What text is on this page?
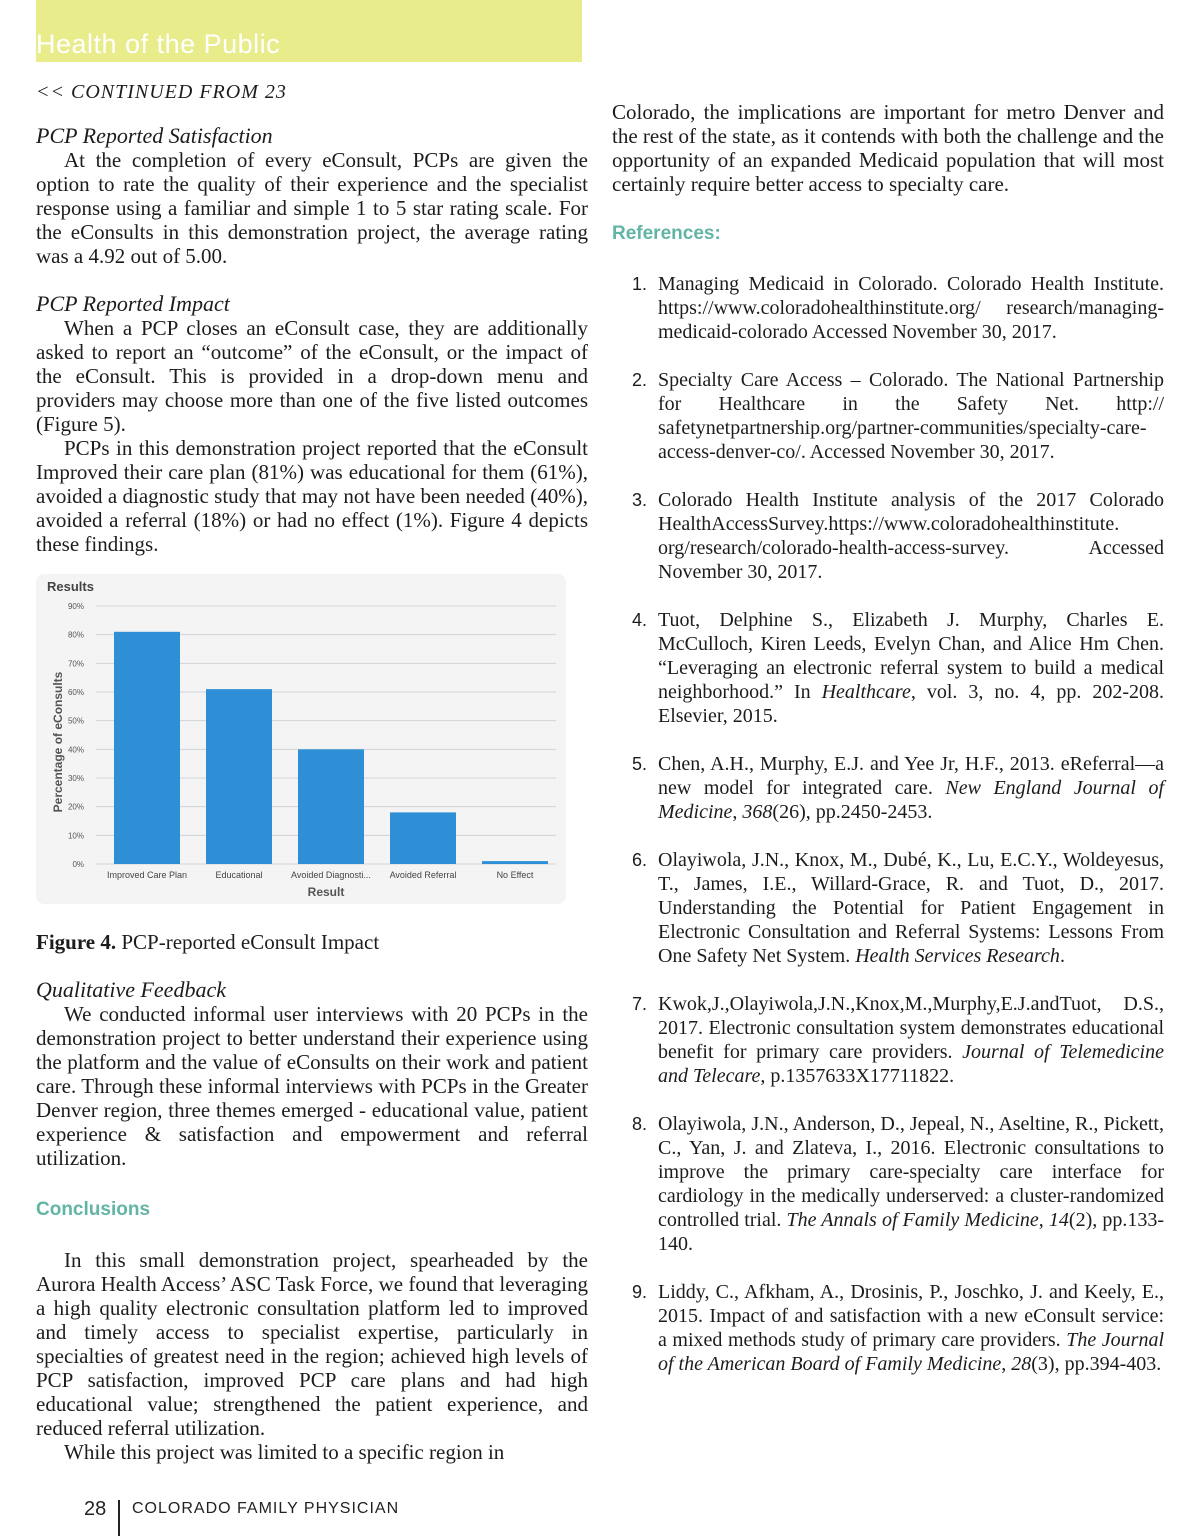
Health of the Public

<< CONTINUED FROM 23

PCP Reported Satisfaction

At the completion of every eConsult, PCPs are given the option to rate the quality of their experience and the specialist response using a familiar and simple 1 to 5 star rating scale. For the eConsults in this demonstration project, the average rating was a 4.92 out of 5.00.

PCP Reported Impact

When a PCP closes an eConsult case, they are additionally asked to report an “outcome” of the eConsult, or the impact of the eConsult. This is provided in a drop-down menu and providers may choose more than one of the five listed outcomes (Figure 5).

PCPs in this demonstration project reported that the eConsult Improved their care plan (81%) was educational for them (61%), avoided a diagnostic study that may not have been needed (40%), avoided a referral (18%) or had no effect (1%). Figure 4 depicts these findings.

0%
10%
20%
30%
40%
50%
60%
70%
80%
90%
Improved Care Plan	Educational	Avoided Diagnosti... Avoided Referral	No Effect
Results
Result
Percentage of eConsults

Figure 4. PCP-reported eConsult Impact

Qualitative Feedback

We conducted informal user interviews with 20 PCPs in the demonstration project to better understand their experience using the platform and the value of eConsults on their work and patient care. Through these informal interviews with PCPs in the Greater Denver region, three themes emerged - educational value, patient experience & satisfaction and empowerment and referral utilization.

Conclusions

In this small demonstration project, spearheaded by the Aurora Health Access’ ASC Task Force, we found that leveraging a high quality electronic consultation platform led to improved and timely access to specialist expertise, particularly in specialties of greatest need in the region; achieved high levels of PCP satisfaction, improved PCP care plans and had high educational value; strengthened the patient experience, and reduced referral utilization.

While this project was limited to a specific region in

Colorado, the implications are important for metro Denver and the rest of the state, as it contends with both the challenge and the opportunity of an expanded Medicaid population that will most certainly require better access to specialty care.

References:

1. Managing Medicaid in Colorado. Colorado Health Institute. https://www.coloradohealthinstitute.org/ research/managing-medicaid-colorado Accessed November 30, 2017.
2. Specialty Care Access – Colorado. The National Partnership for Healthcare in the Safety Net. http:// safetynetpartnership.org/partner-communities/specialty-care-access-denver-co/. Accessed November 30, 2017.
3. Colorado Health Institute analysis of the 2017 Colorado HealthAccessSurvey.https://www.coloradohealthinstitute. org/research/colorado-health-access-survey. Accessed November 30, 2017.
4. Tuot, Delphine S., Elizabeth J. Murphy, Charles E. McCulloch, Kiren Leeds, Evelyn Chan, and Alice Hm Chen. “Leveraging an electronic referral system to build a medical neighborhood.” In Healthcare, vol. 3, no. 4, pp. 202-208. Elsevier, 2015.
5. Chen, A.H., Murphy, E.J. and Yee Jr, H.F., 2013. eReferral—a new model for integrated care. New England Journal of Medicine, 368(26), pp.2450-2453.
6. Olayiwola, J.N., Knox, M., Dubé, K., Lu, E.C.Y., Woldeyesus, T., James, I.E., Willard-Grace, R. and Tuot, D., 2017. Understanding the Potential for Patient Engagement in Electronic Consultation and Referral Systems: Lessons From One Safety Net System. Health Services Research.
7. Kwok,J.,Olayiwola,J.N.,Knox,M.,Murphy,E.J.andTuot, D.S., 2017. Electronic consultation system demonstrates educational benefit for primary care providers. Journal of Telemedicine and Telecare, p.1357633X17711822.
8. Olayiwola, J.N., Anderson, D., Jepeal, N., Aseltine, R., Pickett, C., Yan, J. and Zlateva, I., 2016. Electronic consultations to improve the primary care-specialty care interface for cardiology in the medically underserved: a cluster-randomized controlled trial. The Annals of Family Medicine, 14(2), pp.133-140.
9. Liddy, C., Afkham, A., Drosinis, P., Joschko, J. and Keely, E., 2015. Impact of and satisfaction with a new eConsult service: a mixed methods study of primary care providers. The Journal of the American Board of Family Medicine, 28(3), pp.394-403.
28 COLORADO FAMILY PHYSICIAN
